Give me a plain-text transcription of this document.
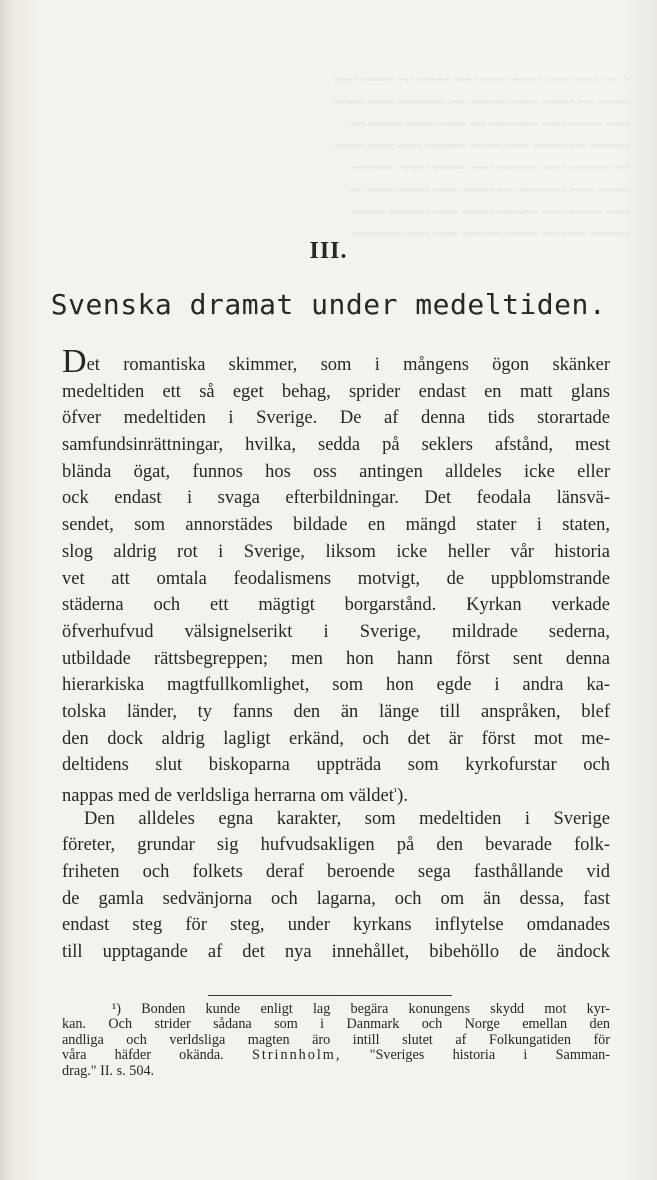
~ ~~ ~~~ ~~~ ~~~~ ~~~ ~~~ ~~~~ ~~ ~~~~ ~~~
~~~~ ~~ ~~~~ ~~~ ~~~~~ ~~ ~~~~~~ ~~~ ~~~~
~~~ ~~~~ ~~~ ~~~~~~ ~~ ~~~ ~~~~ ~~~~ ~~
~~~~~ ~~ ~~~~ ~~~ ~~~~ ~~~~~ ~~~ ~~~ ~~~~
~~ ~~~~~ ~~~ ~~~~~ ~~~ ~~~~ ~~~~ ~~~~~
~~~~ ~~~ ~~~~~~ ~~ ~~~~ ~~~ ~~~~ ~~~ ~~
~~~ ~~~~ ~~~ ~~~~~ ~~~~ ~~~ ~~~~~ ~~~~
~~~~~ ~~~ ~~ ~~~~ ~~~~~ ~~~ ~~~ ~~~~~~
III.
Svenska dramat under medeltiden.
Det romantiska skimmer, som i mångens ögon skänker
medeltiden ett så eget behag, sprider endast en matt glans
öfver medeltiden i Sverige. De af denna tids storartade
samfundsinrättningar, hvilka, sedda på seklers afstånd, mest
blända ögat, funnos hos oss antingen alldeles icke eller
ock endast i svaga efterbildningar. Det feodala länsvä-
sendet, som annorstädes bildade en mängd stater i staten,
slog aldrig rot i Sverige, liksom icke heller vår historia
vet att omtala feodalismens motvigt, de uppblomstrande
städerna och ett mägtigt borgarstånd. Kyrkan verkade
öfverhufvud välsignelserikt i Sverige, mildrade sederna,
utbildade rättsbegreppen; men hon hann först sent denna
hierarkiska magtfullkomlighet, som hon egde i andra ka-
tolska länder, ty fanns den än länge till anspråken, blef
den dock aldrig lagligt erkänd, och det är först mot me-
deltidens slut biskoparna uppträda som kyrkofurstar och
nappas med de verldsliga herrarna om väldet$^{^1}$).
Den alldeles egna karakter, som medeltiden i Sverige
företer, grundar sig hufvudsakligen på den bevarade folk-
friheten och folkets deraf beroende sega fasthållande vid
de gamla sedvänjorna och lagarna, och om än dessa, fast
endast steg för steg, under kyrkans inflytelse omdanades
till upptagande af det nya innehållet, bibehöllo de ändock
¹) Bonden kunde enligt lag begära konungens skydd mot kyr-
kan. Och strider sådana som i Danmark och Norge emellan den
andliga och verldsliga magten äro intill slutet af Folkungatiden för
våra häfder okända. Strinnholm, "Sveriges historia i Samman-
drag." II. s. 504.
